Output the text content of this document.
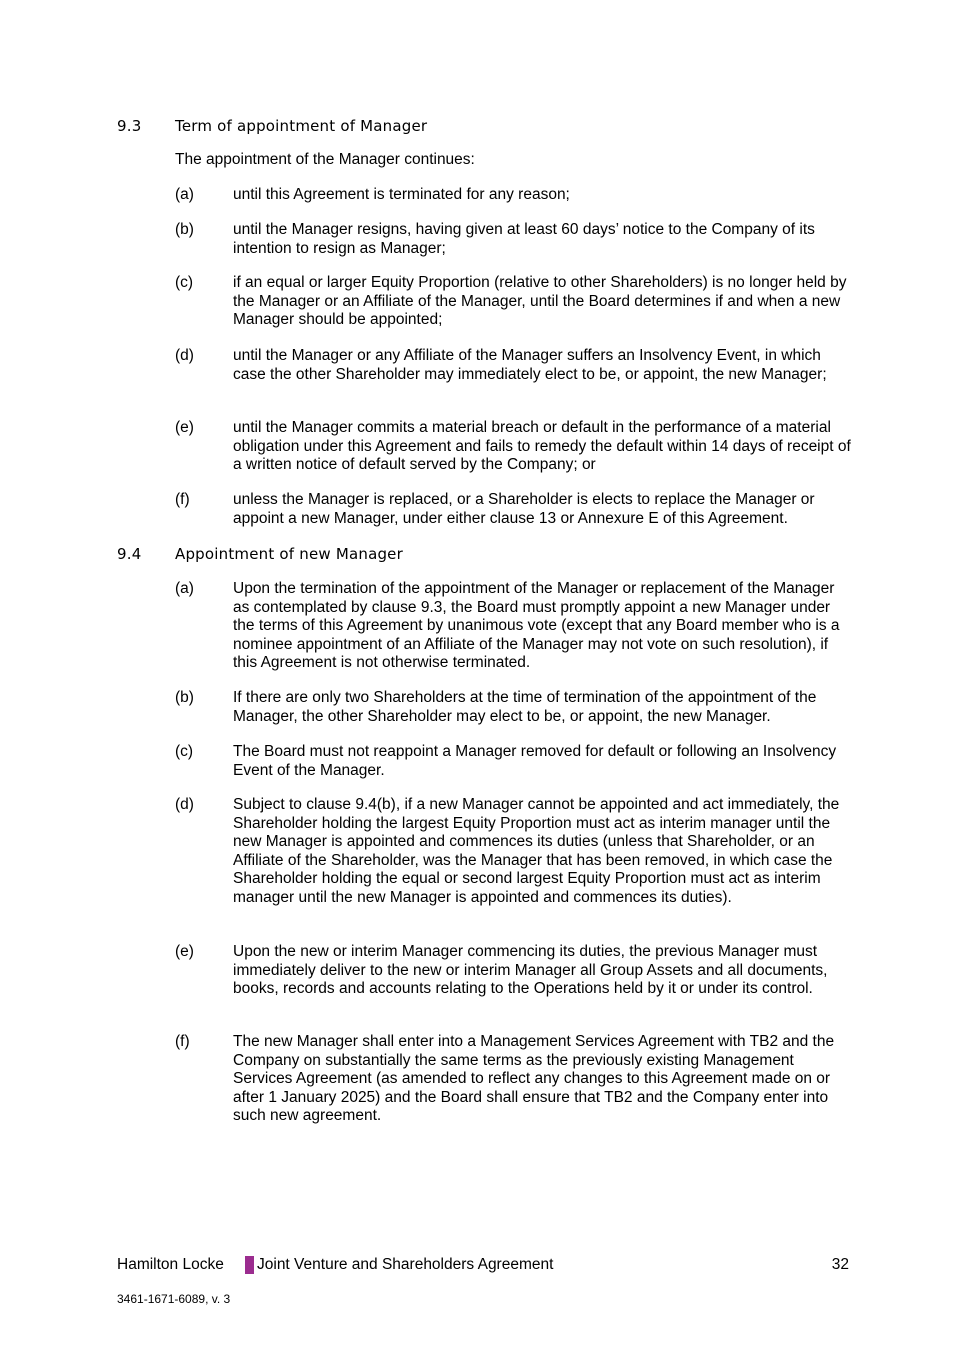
9.3 Term of appointment of Manager
The appointment of the Manager continues:
(a)	until this Agreement is terminated for any reason;
(b)	until the Manager resigns, having given at least 60 days’ notice to the Company of its intention to resign as Manager;
(c)	if an equal or larger Equity Proportion (relative to other Shareholders) is no longer held by the Manager or an Affiliate of the Manager, until the Board determines if and when a new Manager should be appointed;
(d)	until the Manager or any Affiliate of the Manager suffers an Insolvency Event, in which case the other Shareholder may immediately elect to be, or appoint, the new Manager;
(e)	until the Manager commits a material breach or default in the performance of a material obligation under this Agreement and fails to remedy the default within 14 days of receipt of a written notice of default served by the Company; or
(f)	unless the Manager is replaced, or a Shareholder is elects to replace the Manager or appoint a new Manager, under either clause 13 or Annexure E of this Agreement.
9.4 Appointment of new Manager
(a)	Upon the termination of the appointment of the Manager or replacement of the Manager as contemplated by clause 9.3, the Board must promptly appoint a new Manager under the terms of this Agreement by unanimous vote (except that any Board member who is a nominee appointment of an Affiliate of the Manager may not vote on such resolution), if this Agreement is not otherwise terminated.
(b)	If there are only two Shareholders at the time of termination of the appointment of the Manager, the other Shareholder may elect to be, or appoint, the new Manager.
(c)	The Board must not reappoint a Manager removed for default or following an Insolvency Event of the Manager.
(d)	Subject to clause 9.4(b), if a new Manager cannot be appointed and act immediately, the Shareholder holding the largest Equity Proportion must act as interim manager until the new Manager is appointed and commences its duties (unless that Shareholder, or an Affiliate of the Shareholder, was the Manager that has been removed, in which case the Shareholder holding the equal or second largest Equity Proportion must act as interim manager until the new Manager is appointed and commences its duties).
(e)	Upon the new or interim Manager commencing its duties, the previous Manager must immediately deliver to the new or interim Manager all Group Assets and all documents, books, records and accounts relating to the Operations held by it or under its control.
(f)	The new Manager shall enter into a Management Services Agreement with TB2 and the Company on substantially the same terms as the previously existing Management Services Agreement (as amended to reflect any changes to this Agreement made on or after 1 January 2025) and the Board shall ensure that TB2 and the Company enter into such new agreement.
Hamilton Locke Joint Venture and Shareholders Agreement	32
3461-1671-6089, v. 3
